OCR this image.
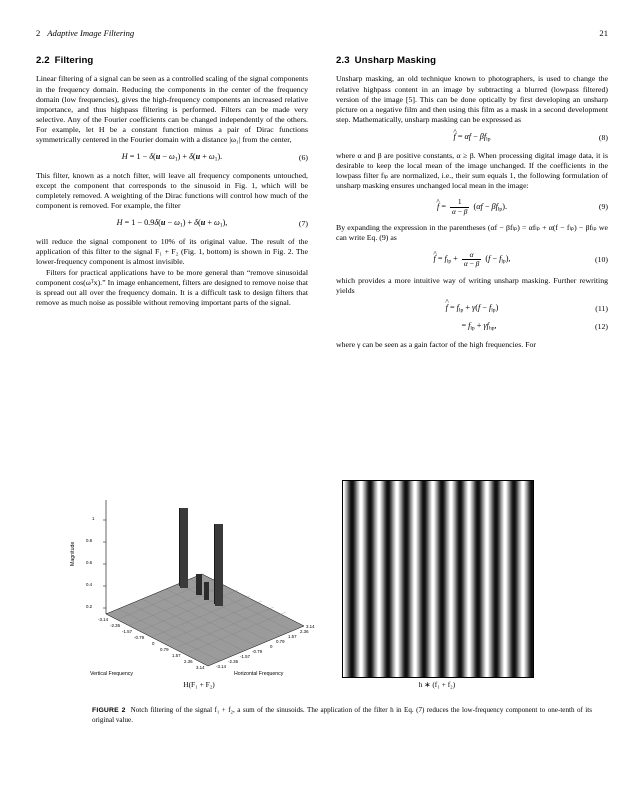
2 Adaptive Image Filtering	21
2.2 Filtering

Linear filtering of a signal can be seen as a controlled scaling of the signal components in the frequency domain. Reducing the components in the center of the frequency domain (low frequencies), gives the high-frequency components an increased relative importance, and thus highpass filtering is performed. Filters can be made very selective. Any of the Fourier coefficients can be changed independently of the others. For example, let H be a constant function minus a pair of Dirac functions symmetrically centered in the Fourier domain with a distance |ω₁| from the center,

$H = 1 - \delta(u - \omega_1) + \delta(u + \omega_1)$.	(6)

This filter, known as a notch filter, will leave all frequency components untouched, except the component that corresponds to the sinusoid in Fig. 1, which will be completely removed. A weighting of the Dirac functions will control how much of the component is removed. For example, the filter

$H = 1 - 0.9\delta(u - \omega_1) + \delta(u + \omega_1)$,	(7)

will reduce the signal component to 10% of its original value. The result of the application of this filter to the signal F₁ + F₂ (Fig. 1, bottom) is shown in Fig. 2. The lower-frequency component is almost invisible.

Filters for practical applications have to be more general than “remove sinusoidal component cos(ωᵀx).” In image enhancement, filters are designed to remove noise that is spread out all over the frequency domain. It is a difficult task to design filters that remove as much noise as possible without removing important parts of the signal.

2.3 Unsharp Masking

Unsharp masking, an old technique known to photographers, is used to change the relative highpass content in an image by subtracting a blurred (lowpass filtered) version of the image [5]. This can be done optically by first developing an unsharp picture on a negative film and then using this film as a mask in a second development step. Mathematically, unsharp masking can be expressed as

f ^ = $\alpha f - \beta f_{lp}$	(8)

where α and β are positive constants, α ≥ β. When processing digital image data, it is desirable to keep the local mean of the image unchanged. If the coefficients in the lowpass filter fₗₚ are normalized, i.e., their sum equals 1, the following formulation of unsharp masking ensures unchanged local mean in the image:

f ^ = $\frac{1}{\alpha - \beta} (\alpha f - \beta f_{lp})$.	(9)

By expanding the expression in the parentheses (αf − βfₗₚ) = αfₗₚ + α(f − fₗₚ) − βfₗₚ we can write Eq. (9) as

f ^ = $f_{lp} + \frac{\alpha}{\alpha - \beta} (f - f_{lp})$,	(10)

which provides a more intuitive way of writing unsharp masking. Further rewriting yields

f ^ = $f_{lp} + \gamma(f - f_{lp})$	(11)
= $f_{lp} + \gamma f_{hp}$,	(12)

where γ can be seen as a gain factor of the high frequencies. For

0.2
0.4
0.6
0.8
1
Magnitude
-3.14
-2.36
-1.57
-0.79
0
0.79
1.57
2.36
3.14	-3.14
-2.36
-1.57
-0.79
0
0.79
1.57
2.36
3.14
Vertical Frequency	Horizontal Frequency
H(F₁ + F₂)	h ∗ (f₁ + f₂)
FIGURE 2 Notch filtering of the signal f₁ + f₂, a sum of the sinusoids. The application of the filter h in Eq. (7) reduces the low-frequency component to one-tenth of its original value.
